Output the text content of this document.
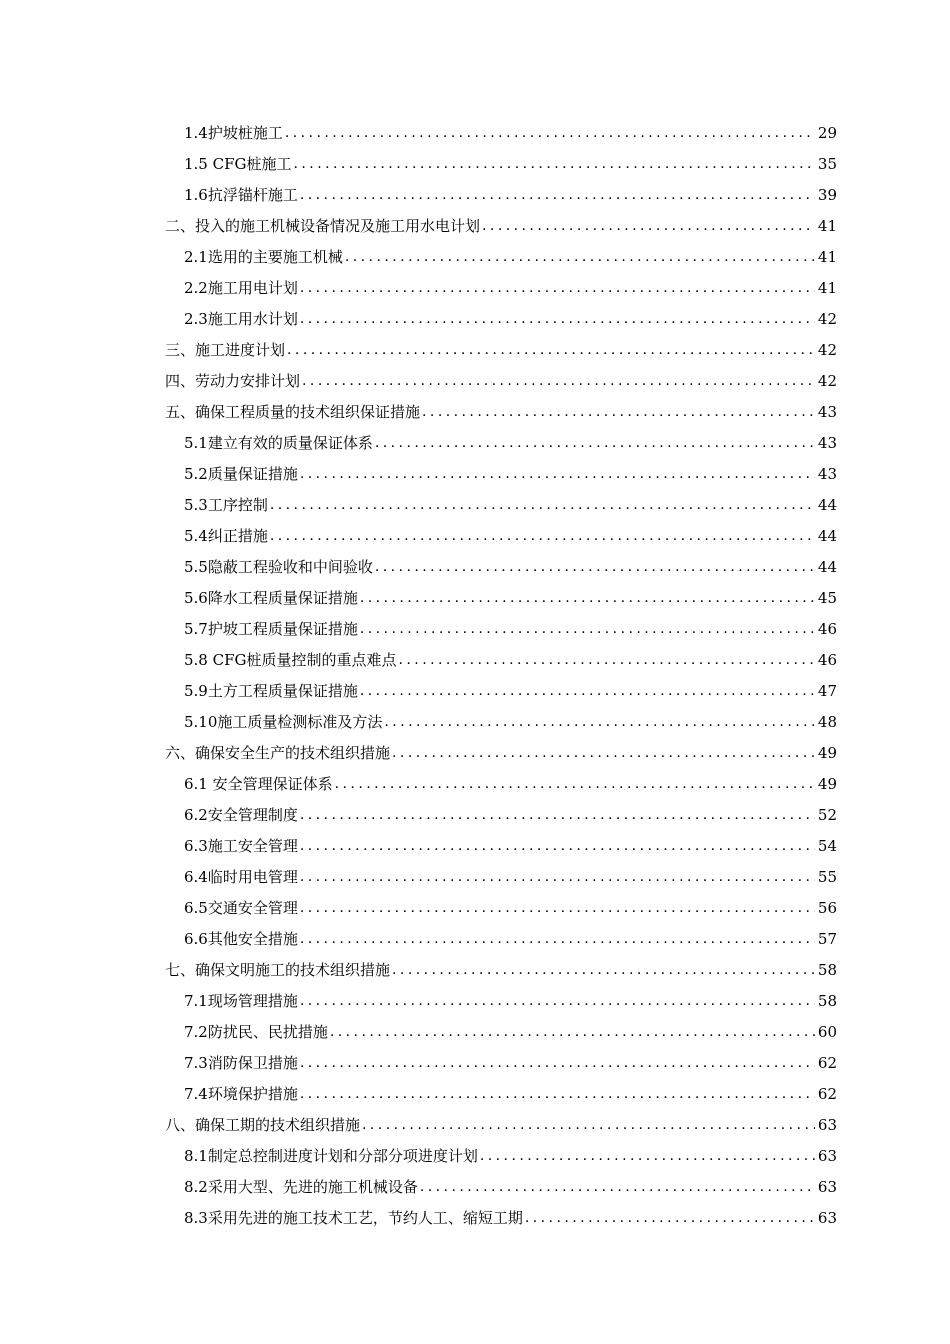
1.4护坡桩施工 . . .	29
1.5 CFG桩施工 . . .	35
1.6抗浮锚杆施工 . . .	39
二、投入的施工机械设备情况及施工用水电计划 . . .	41
2.1选用的主要施工机械 . . .	41
2.2施工用电计划 . . .	41
2.3施工用水计划 . . .	42
三、施工进度计划 . . .	42
四、劳动力安排计划 . . .	42
五、确保工程质量的技术组织保证措施 . . .	43
5.1建立有效的质量保证体系 . . .	43
5.2质量保证措施 . . .	43
5.3工序控制 . . .	44
5.4纠正措施 . . .	44
5.5隐蔽工程验收和中间验收 . . .	44
5.6降水工程质量保证措施 . . .	45
5.7护坡工程质量保证措施 . . .	46
5.8 CFG桩质量控制的重点难点 . . .	46
5.9土方工程质量保证措施 . . .	47
5.10施工质量检测标准及方法 . . .	48
六、确保安全生产的技术组织措施 . . .	49
6.1 安全管理保证体系 . . .	49
6.2安全管理制度 . . .	52
6.3施工安全管理 . . .	54
6.4临时用电管理 . . .	55
6.5交通安全管理 . . .	56
6.6其他安全措施 . . .	57
七、确保文明施工的技术组织措施 . . .	58
7.1现场管理措施 . . .	58
7.2防扰民、民扰措施 . . .	60
7.3消防保卫措施 . . .	62
7.4环境保护措施 . . .	62
八、确保工期的技术组织措施 . . .	63
8.1制定总控制进度计划和分部分项进度计划 . . .	63
8.2采用大型、先进的施工机械设备 . . .	63
8.3采用先进的施工技术工艺，节约人工、缩短工期 . . .	63
